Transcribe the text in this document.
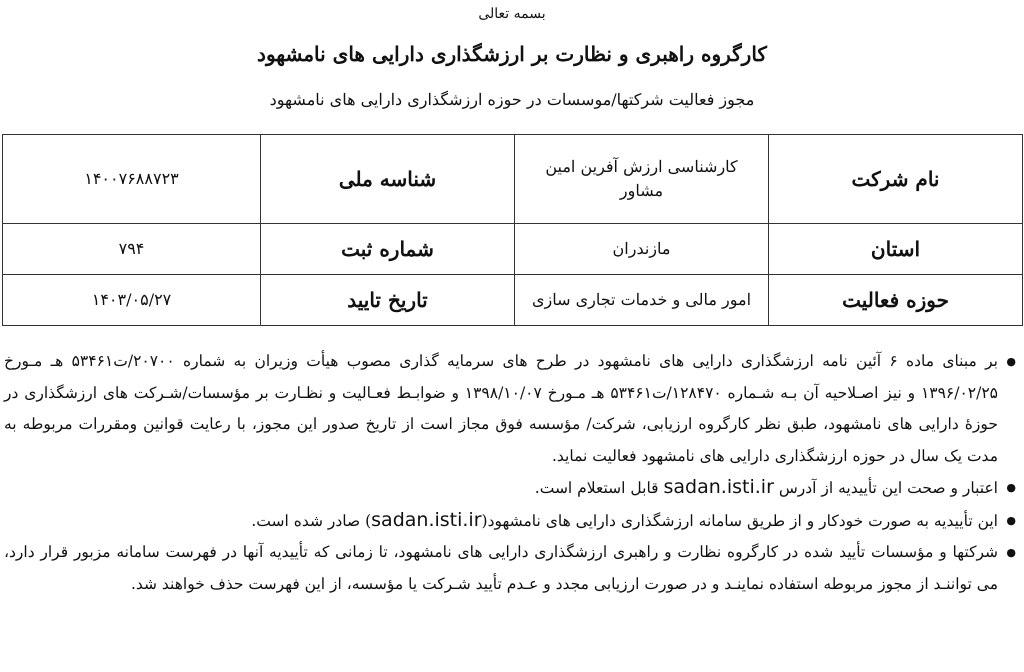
بسمه تعالی
کارگروه راهبری و نظارت بر ارزشگذاری دارایی های نامشهود
مجوز فعالیت شرکتها/موسسات در حوزه ارزشگذاری دارایی های نامشهود
نام شرکت	کارشناسی ارزش آفرین امین مشاور	شناسه ملی	۱۴۰۰۷۶۸۸۷۲۳
استان	مازندران	شماره ثبت	۷۹۴
حوزه فعالیت	امور مالی و خدمات تجاری سازی	تاریخ تایید	۱۴۰۳/۰۵/۲۷
● بر مبنای ماده ۶ آئین نامه ارزشگذاری دارایی های نامشهود در طرح های سرمایه گذاری مصوب هیأت وزیران به شماره ۲۰۷۰۰/ت۵۳۴۶۱ هـ مـورخ ۱۳۹۶/۰۲/۲۵ و نیز اصـلاحیه آن بـه شـماره ۱۲۸۴۷۰/ت۵۳۴۶۱ هـ مـورخ ۱۳۹۸/۱۰/۰۷ و ضوابـط فعـالیت و نظـارت بر مؤسسات/شـرکت های ارزشگذاری در حوزۀ دارایی های نامشهود، طبق نظر کارگروه ارزیابی، شرکت/ مؤسسه فوق مجاز است از تاریخ صدور این مجوز، با رعایت قوانین ومقررات مربوطه به مدت یک سال در حوزه ارزشگذاری دارایی های نامشهود فعالیت نماید.
● اعتبار و صحت این تأییدیه از آدرس sadan.isti.ir قابل استعلام است.
● این تأییدیه به صورت خودکار و از طریق سامانه ارزشگذاری دارایی های نامشهود(sadan.isti.ir) صادر شده است.
● شرکتها و مؤسسات تأیید شده در کارگروه نظارت و راهبری ارزشگذاری دارایی های نامشهود، تا زمانی که تأییدیه آنها در فهرست سامانه مزبور قرار دارد، می تواننـد از مجوز مربوطه استفاده نماینـد و در صورت ارزیابی مجدد و عـدم تأیید شـرکت یا مؤسسه، از این فهرست حذف خواهند شد.
